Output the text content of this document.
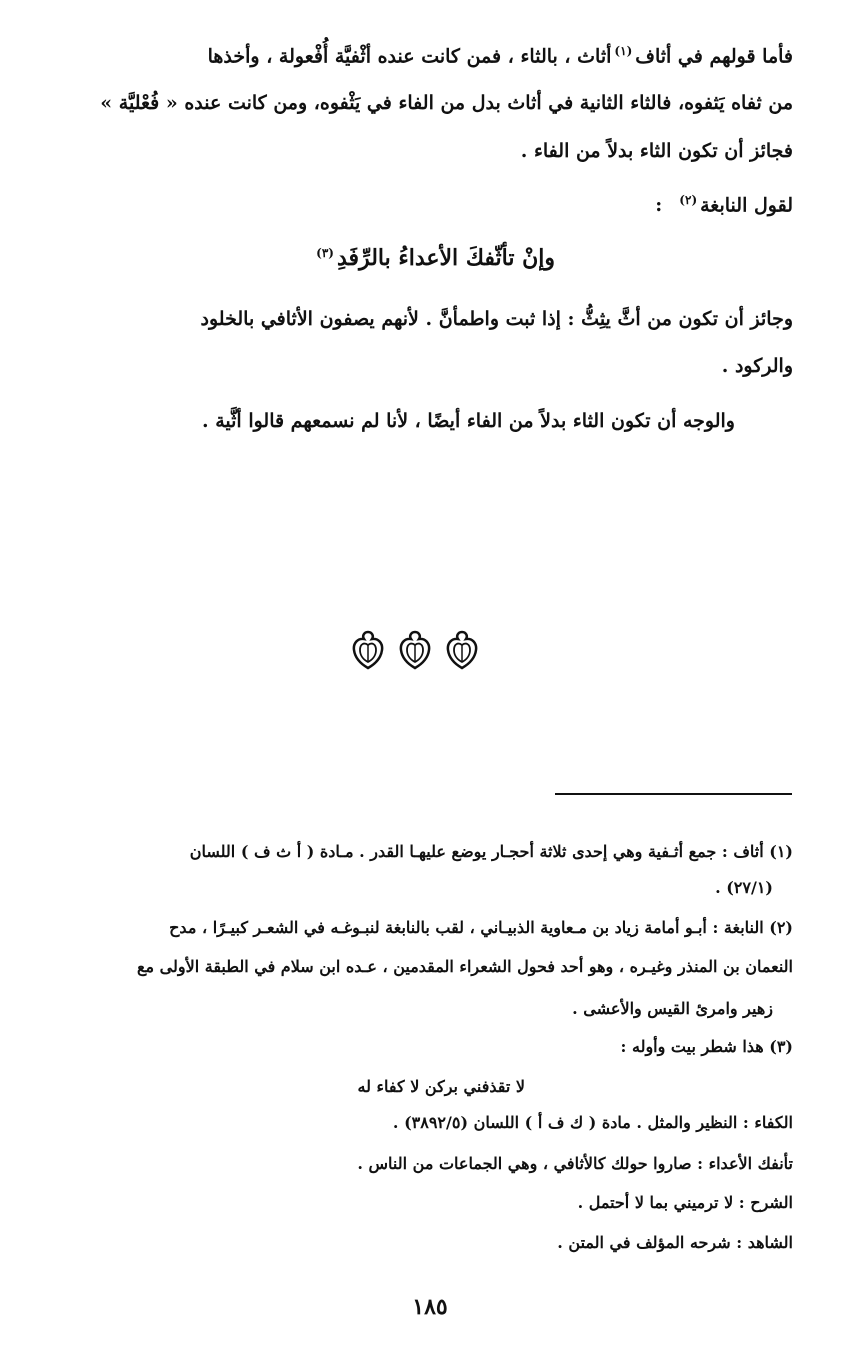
فأما قولهم في أثاف$^{(١)}$أثاث ، بالثاء ، فمن كانت عنده أثْفيَّة أُفْعولة ، وأخذها
من ثفاه يَثفوه، فالثاء الثانية في أثاث بدل من الفاء في يَثْفوه، ومن كانت عنده « فُعْليَّة »
فجائز أن تكون الثاء بدلاً من الفاء .
لقول النابغة$^{(٢)}$:
وإنْ تأثّفكَ الأعداءُ بالرِّفَدِ$^{(٣)}$
وجائز أن تكون من أثَّ يثِثُّ : إذا ثبت واطمأنَّ . لأنهم يصفون الأثافي بالخلود
والركود .
والوجه أن تكون الثاء بدلاً من الفاء أيضًا ، لأنا لم نسمعهم قالوا أثَّية .
(١) أثاف : جمع أثـفية وهي إحدى ثلاثة أحجـار يوضع عليهـا القدر . مـادة ( أ ث ف ) اللسان
(٢٧/١) .
(٢) النابغة : أبـو أمامة زياد بن مـعاوية الذبيـاني ، لقب بالنابغة لنبـوغـه في الشعـر كبيـرًا ، مدح
النعمان بن المنذر وغيـره ، وهو أحد فحول الشعراء المقدمين ، عـده ابن سلام في الطبقة الأولى مع
زهير وامرئ القيس والأعشى .
(٣) هذا شطر بيت وأوله :
لا تقذفني بركن لا كفاء له
الكفاء : النظير والمثل . مادة ( ك ف أ ) اللسان (٣٨٩٢/٥) .
تأنفك الأعداء : صاروا حولك كالأثافي ، وهي الجماعات من الناس .
الشرح : لا ترميني بما لا أحتمل .
الشاهد : شرحه المؤلف في المتن .
١٨٥
